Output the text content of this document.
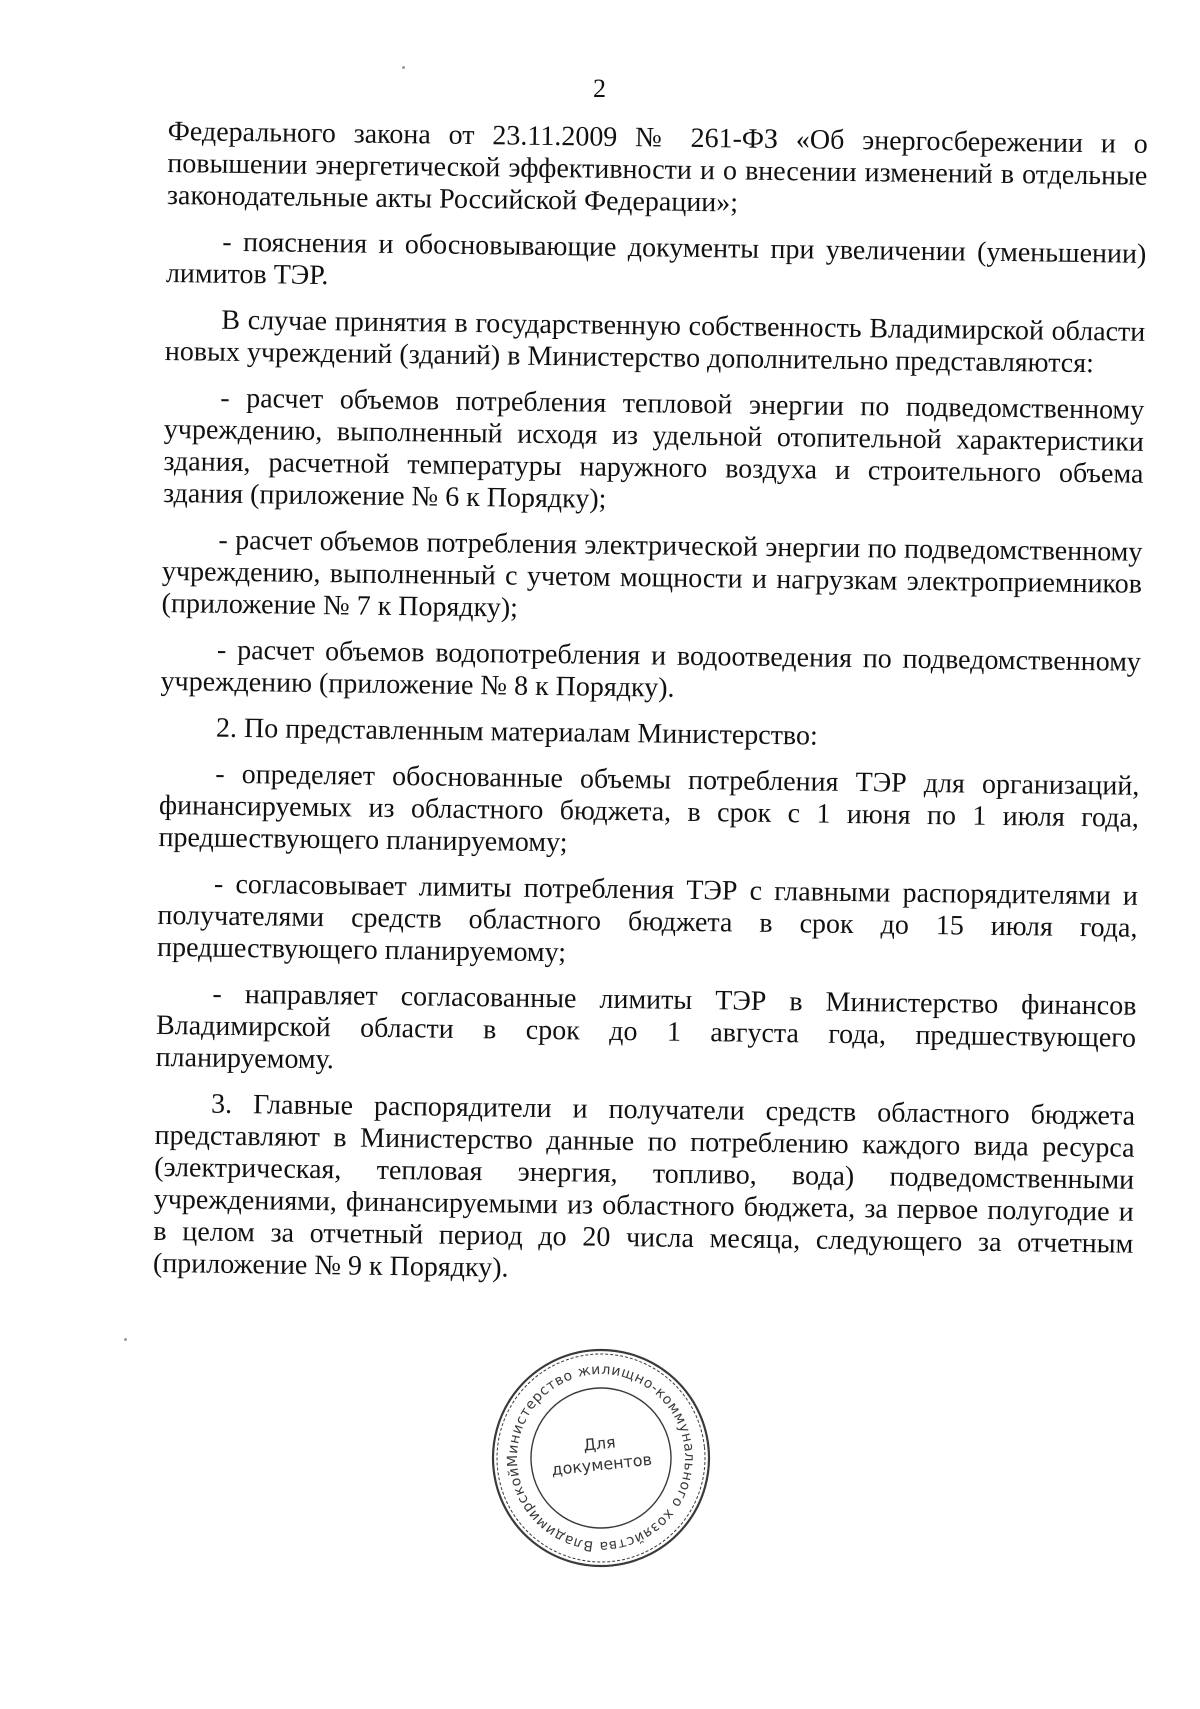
2

Федерального закона от 23.11.2009 № 261-ФЗ «Об энергосбережении и о повышении энергетической эффективности и о внесении изменений в отдельные законодательные акты Российской Федерации»;

- пояснения и обосновывающие документы при увеличении (уменьшении) лимитов ТЭР.

В случае принятия в государственную собственность Владимирской области новых учреждений (зданий) в Министерство дополнительно представляются:

- расчет объемов потребления тепловой энергии по подведомственному учреждению, выполненный исходя из удельной отопительной характеристики здания, расчетной температуры наружного воздуха и строительного объема здания (приложение № 6 к Порядку);

- расчет объемов потребления электрической энергии по подведомственному учреждению, выполненный с учетом мощности и нагрузкам электроприемников (приложение № 7 к Порядку);

- расчет объемов водопотребления и водоотведения по подведомственному учреждению (приложение № 8 к Порядку).

2. По представленным материалам Министерство:

- определяет обоснованные объемы потребления ТЭР для организаций, финансируемых из областного бюджета, в срок с 1 июня по 1 июля года, предшествующего планируемому;

- согласовывает лимиты потребления ТЭР с главными распорядителями и получателями средств областного бюджета в срок до 15 июля года, предшествующего планируемому;

- направляет согласованные лимиты ТЭР в Министерство финансов Владимирской области в срок до 1 августа года, предшествующего планируемому.

3. Главные распорядители и получатели средств областного бюджета представляют в Министерство данные по потреблению каждого вида ресурса (электрическая, тепловая энергия, топливо, вода) подведомственными учреждениями, финансируемыми из областного бюджета, за первое полугодие и в целом за отчетный период до 20 числа месяца, следующего за отчетным (приложение № 9 к Порядку).

Министерство жилищно-коммунального хозяйства Владимирской области
Для
документов
